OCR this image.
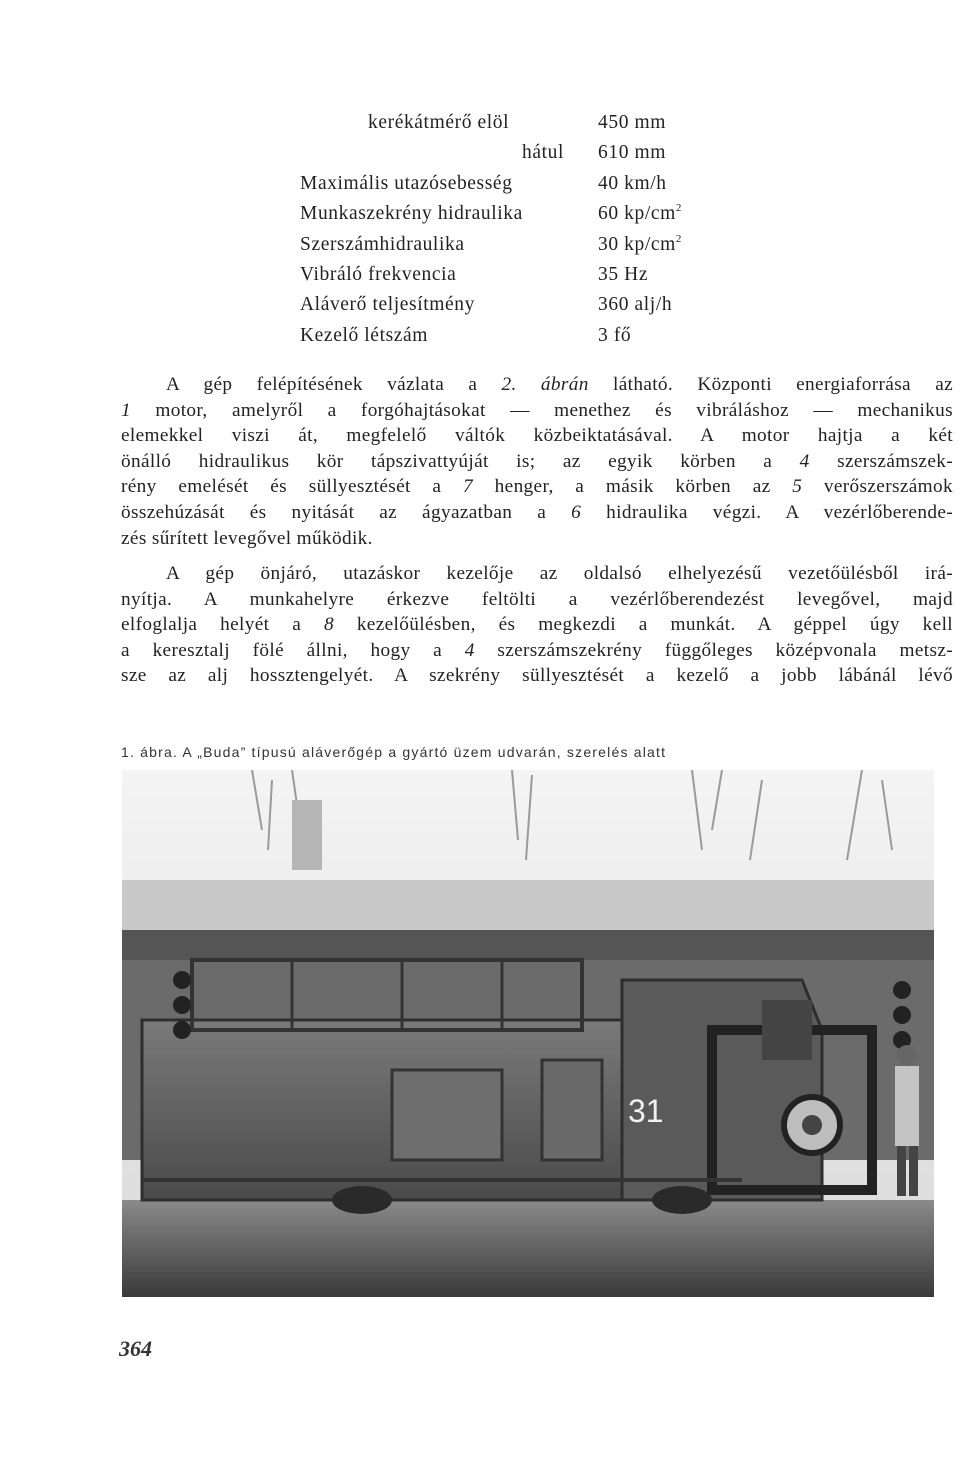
kerékátmérő elöl	450 mm
hátul 610 mm
Maximális utazósebesség	40 km/h
Munkaszekrény hidraulika	60 $kp/cm^2$
Szerszámhidraulika	30 $kp/cm^2$
Vibráló frekvencia	35 Hz
Aláverő teljesítmény	360 alj/h
Kezelő létszám	3 fő
A gép felépítésének vázlata a 2. ábrán látható. Központi energiaforrása az
1 motor, amelyről a forgóhajtásokat — menethez és vibráláshoz — mechanikus
elemekkel viszi át, megfelelő váltók közbeiktatásával. A motor hajtja a két
önálló hidraulikus kör tápszivattyúját is; az egyik körben a 4 szerszámszek-
rény emelését és süllyesztését a 7 henger, a másik körben az 5 verőszerszámok
összehúzását és nyitását az ágyazatban a 6 hidraulika végzi. A vezérlőberende-
zés sűrített levegővel működik.
A gép önjáró, utazáskor kezelője az oldalsó elhelyezésű vezetőülésből irá-
nyítja. A munkahelyre érkezve feltölti a vezérlőberendezést levegővel, majd
elfoglalja helyét a 8 kezelőülésben, és megkezdi a munkát. A géppel úgy kell
a keresztalj fölé állni, hogy a 4 szerszámszekrény függőleges középvonala metsz-
sze az alj hossztengelyét. A szekrény süllyesztését a kezelő a jobb lábánál lévő
1. ábra. A „Buda” típusú aláverőgép a gyártó üzem udvarán, szerelés alatt
31
364
